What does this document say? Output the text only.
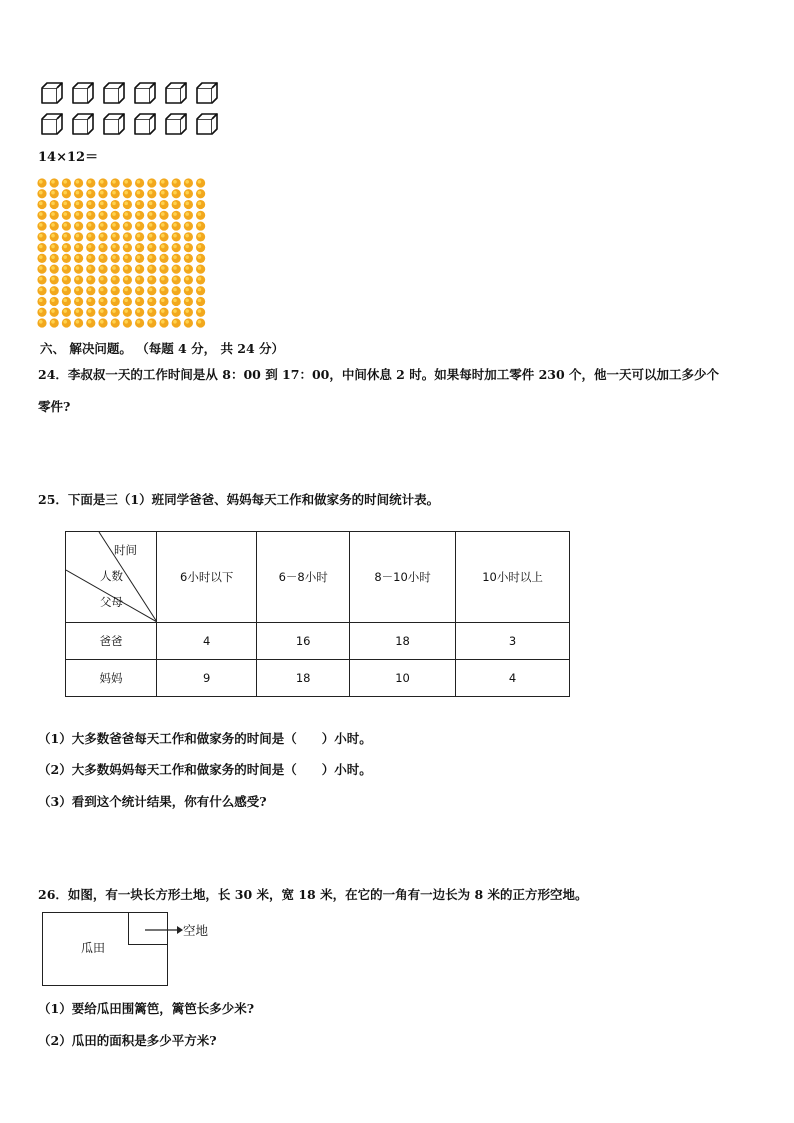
14×12＝
六、 解决问题。 （每题 4 分， 共 24 分）
24．李叔叔一天的工作时间是从 8：00 到 17：00，中间休息 2 时。如果每时加工零件 230 个，他一天可以加工多少个
零件?
25．下面是三（1）班同学爸爸、妈妈每天工作和做家务的时间统计表。
时间
人数
父母	6小时以下	6－8小时	8－10小时	10小时以上
爸爸	4	16	18	3
妈妈	9	18	10	4
（1）大多数爸爸每天工作和做家务的时间是（　　）小时。
（2）大多数妈妈每天工作和做家务的时间是（　　）小时。
（3）看到这个统计结果，你有什么感受?
26．如图，有一块长方形土地，长 30 米，宽 18 米，在它的一角有一边长为 8 米的正方形空地。
瓜田
空地
（1）要给瓜田围篱笆，篱笆长多少米?
（2）瓜田的面积是多少平方米?
